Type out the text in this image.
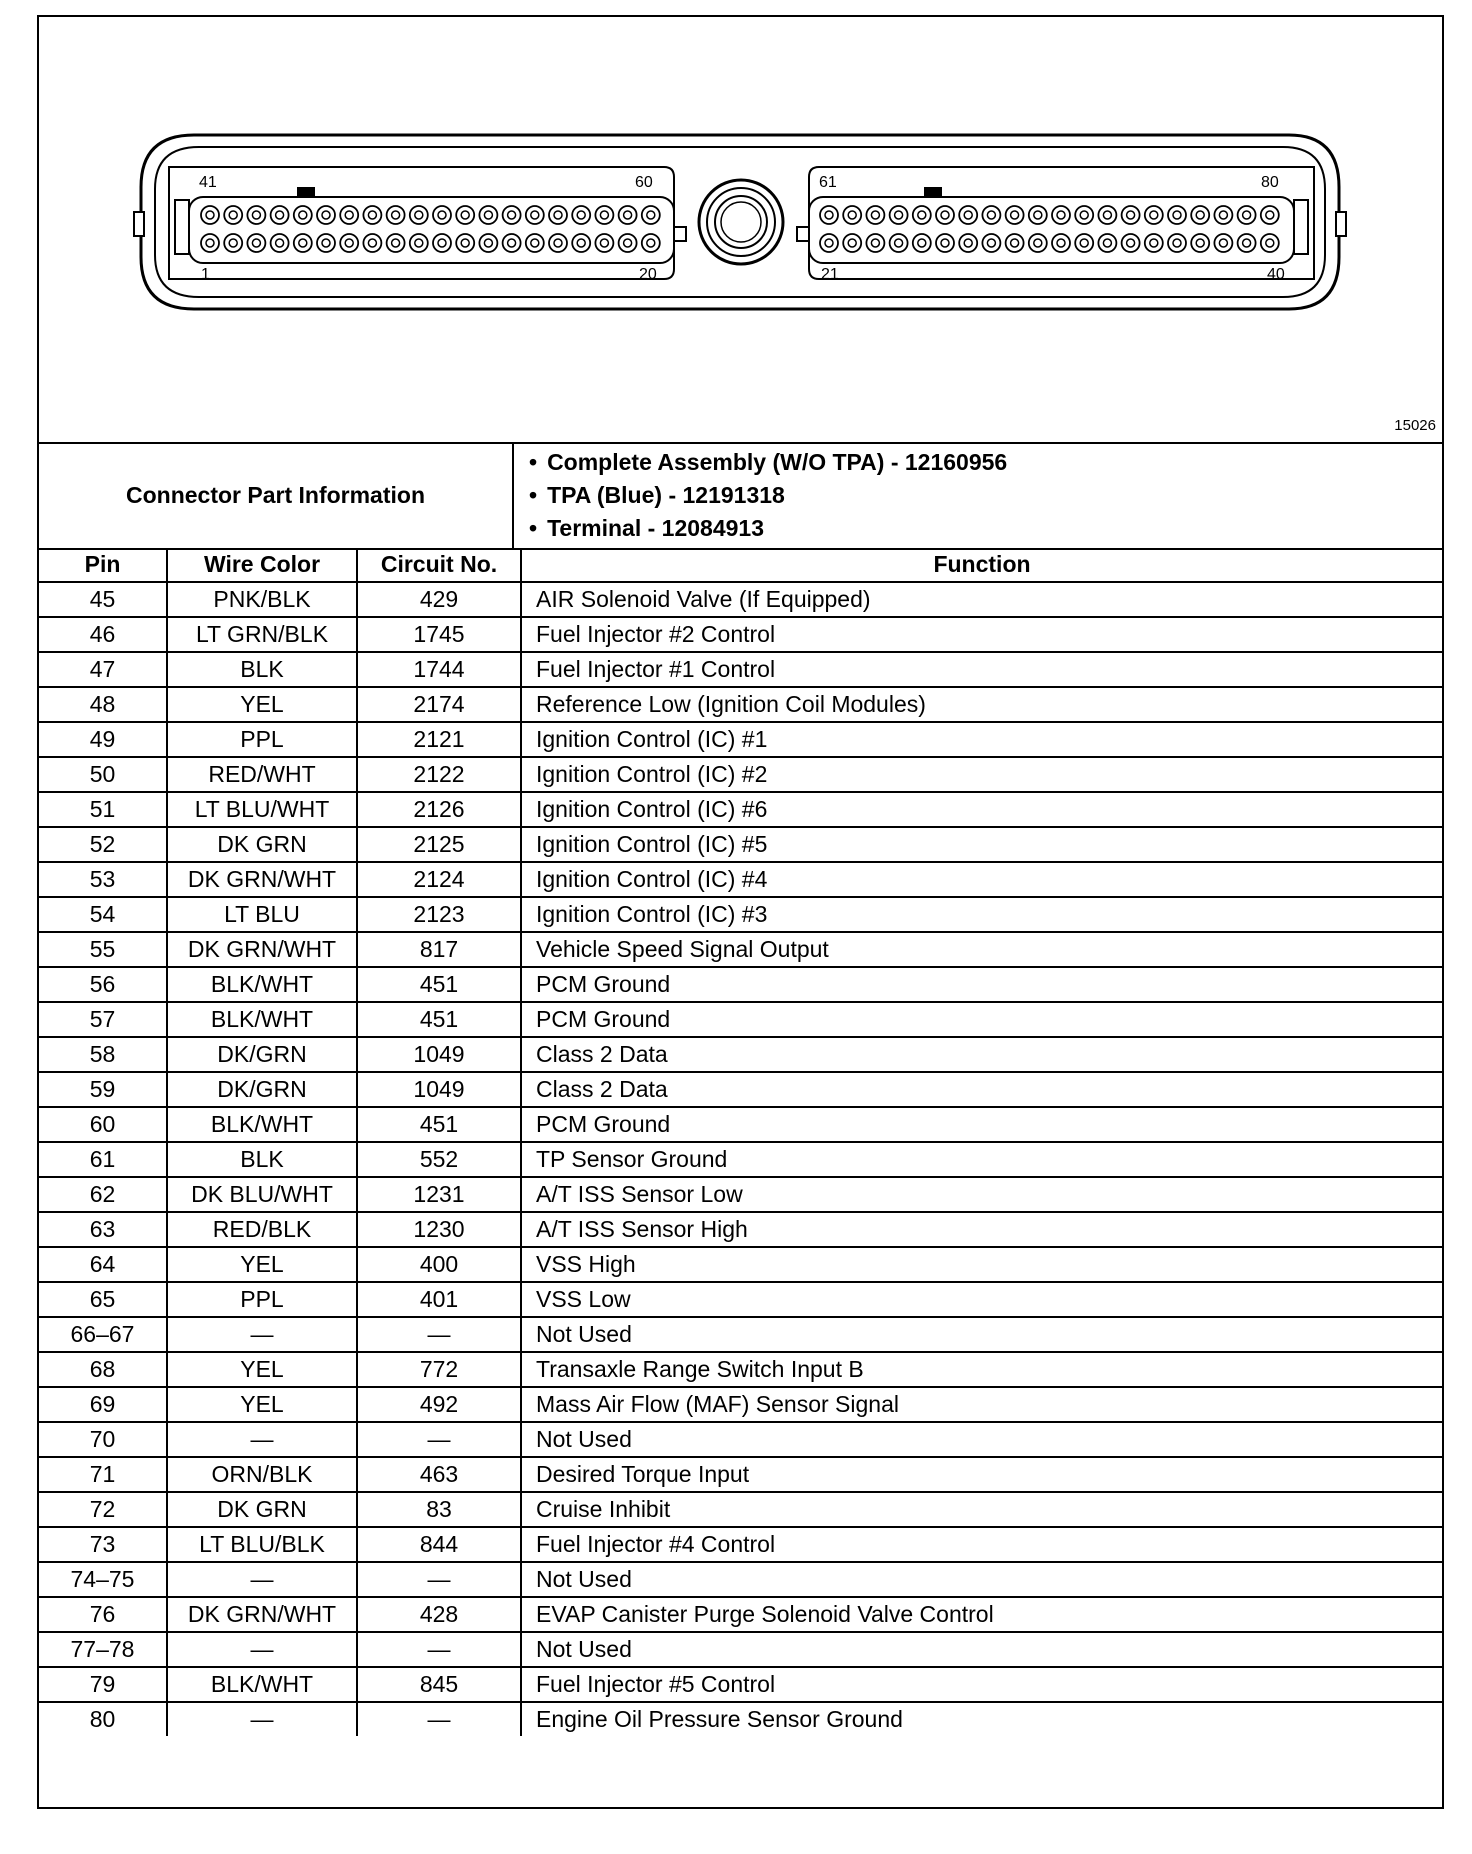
41	60
1	20
61	80
21	40
15026
Connector Part Information
• Complete Assembly (W/O TPA) - 12160956
• TPA (Blue) - 12191318
• Terminal - 12084913
Pin	Wire Color	Circuit No.	Function
45	PNK/BLK	429	AIR Solenoid Valve (If Equipped)
46	LT GRN/BLK	1745	Fuel Injector #2 Control
47	BLK	1744	Fuel Injector #1 Control
48	YEL	2174	Reference Low (Ignition Coil Modules)
49	PPL	2121	Ignition Control (IC) #1
50	RED/WHT	2122	Ignition Control (IC) #2
51	LT BLU/WHT	2126	Ignition Control (IC) #6
52	DK GRN	2125	Ignition Control (IC) #5
53	DK GRN/WHT	2124	Ignition Control (IC) #4
54	LT BLU	2123	Ignition Control (IC) #3
55	DK GRN/WHT	817	Vehicle Speed Signal Output
56	BLK/WHT	451	PCM Ground
57	BLK/WHT	451	PCM Ground
58	DK/GRN	1049	Class 2 Data
59	DK/GRN	1049	Class 2 Data
60	BLK/WHT	451	PCM Ground
61	BLK	552	TP Sensor Ground
62	DK BLU/WHT	1231	A/T ISS Sensor Low
63	RED/BLK	1230	A/T ISS Sensor High
64	YEL	400	VSS High
65	PPL	401	VSS Low
66–67	—	—	Not Used
68	YEL	772	Transaxle Range Switch Input B
69	YEL	492	Mass Air Flow (MAF) Sensor Signal
70	—	—	Not Used
71	ORN/BLK	463	Desired Torque Input
72	DK GRN	83	Cruise Inhibit
73	LT BLU/BLK	844	Fuel Injector #4 Control
74–75	—	—	Not Used
76	DK GRN/WHT	428	EVAP Canister Purge Solenoid Valve Control
77–78	—	—	Not Used
79	BLK/WHT	845	Fuel Injector #5 Control
80	—	—	Engine Oil Pressure Sensor Ground
